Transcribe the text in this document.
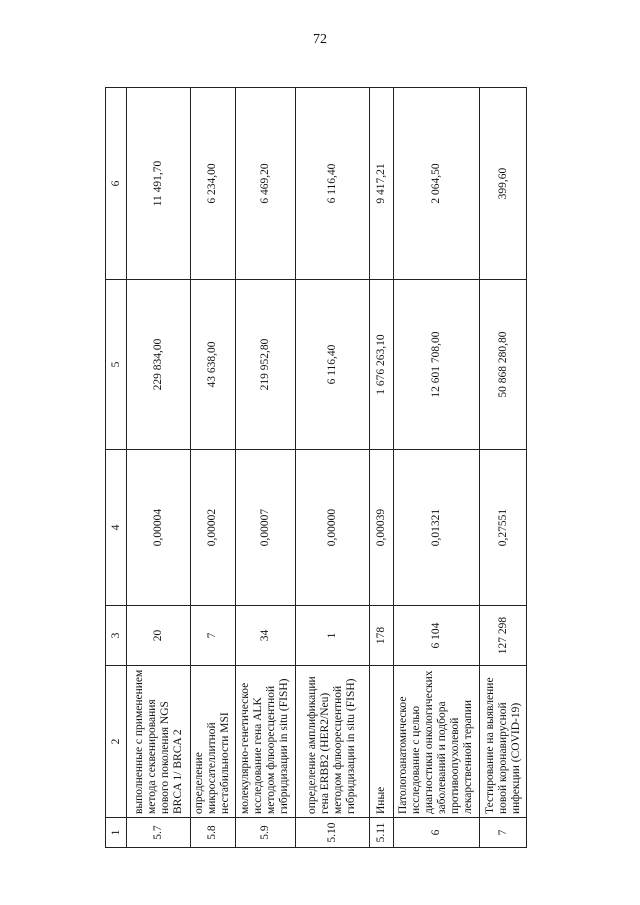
72
1	2	3	4	5	6
5.7	выполненные с применением метода секвенирования нового поколения NGS BRCA 1/ BRCA 2	20	0,00004	229 834,00	11 491,70
5.8	определение микросателлитной нестабильности MSI	7	0,00002	43 638,00	6 234,00
5.9	молекулярно-генетическое исследование гена ALK методом флюоресцентной гибридизации in situ (FISH)	34	0,00007	219 952,80	6 469,20
5.10	определение амплификации гена ERBB2 (HER2/Neu) методом флюоресцентной гибридизации in situ (FISH)	1	0,00000	6 116,40	6 116,40
5.11	Иные	178	0,00039	1 676 263,10	9 417,21
6	Патологоанатомическое исследование с целью диагностики онкологических заболеваний и подбора противоопухолевой лекарственной терапии	6 104	0,01321	12 601 708,00	2 064,50
7	Тестирование на выявление новой коронавирусной инфекции (COVID-19)	127 298	0,27551	50 868 280,80	399,60
